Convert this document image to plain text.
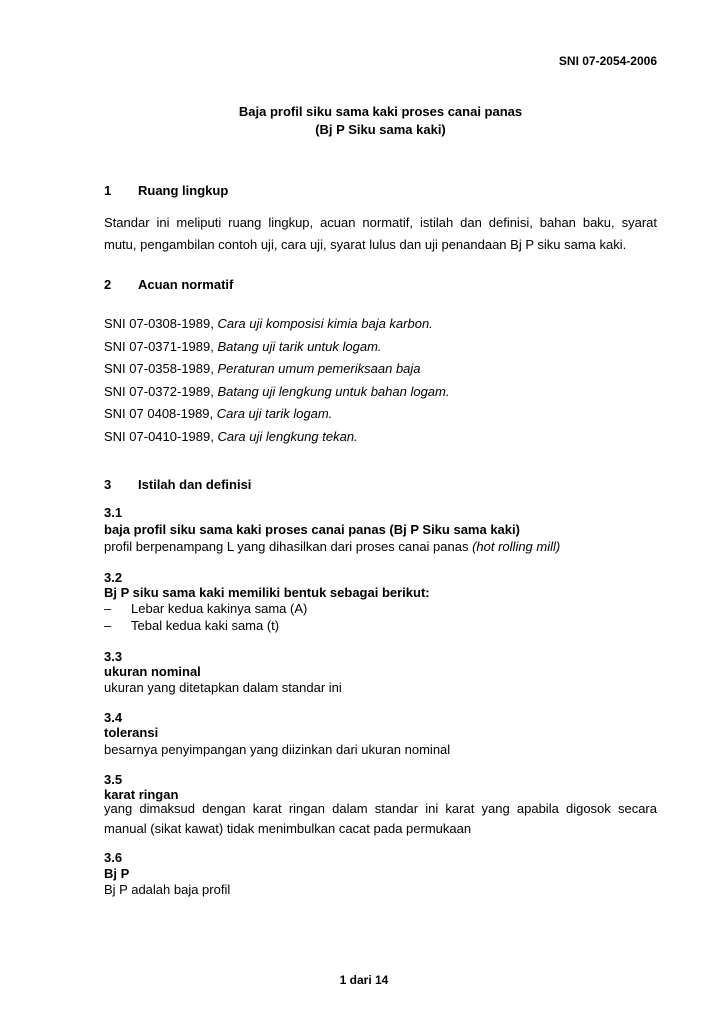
SNI 07-2054-2006
Baja profil siku sama kaki proses canai panas
(Bj P Siku sama kaki)
1 Ruang lingkup
Standar ini meliputi ruang lingkup, acuan normatif, istilah dan definisi, bahan baku, syarat
mutu, pengambilan contoh uji, cara uji, syarat lulus dan uji penandaan Bj P siku sama kaki.
2 Acuan normatif
SNI 07-0308-1989, Cara uji komposisi kimia baja karbon.
SNI 07-0371-1989, Batang uji tarik untuk logam.
SNI 07-0358-1989, Peraturan umum pemeriksaan baja
SNI 07-0372-1989, Batang uji lengkung untuk bahan logam.
SNI 07 0408-1989, Cara uji tarik logam.
SNI 07-0410-1989, Cara uji lengkung tekan.
3 Istilah dan definisi
3.1
baja profil siku sama kaki proses canai panas (Bj P Siku sama kaki)
profil berpenampang L yang dihasilkan dari proses canai panas (hot rolling mill)
3.2
Bj P siku sama kaki memiliki bentuk sebagai berikut:
– Lebar kedua kakinya sama (A)
– Tebal kedua kaki sama (t)
3.3
ukuran nominal
ukuran yang ditetapkan dalam standar ini
3.4
toleransi
besarnya penyimpangan yang diizinkan dari ukuran nominal
3.5
karat ringan
yang dimaksud dengan karat ringan dalam standar ini karat yang apabila digosok secara
manual (sikat kawat) tidak menimbulkan cacat pada permukaan
3.6
Bj P
Bj P adalah baja profil
1 dari 14
